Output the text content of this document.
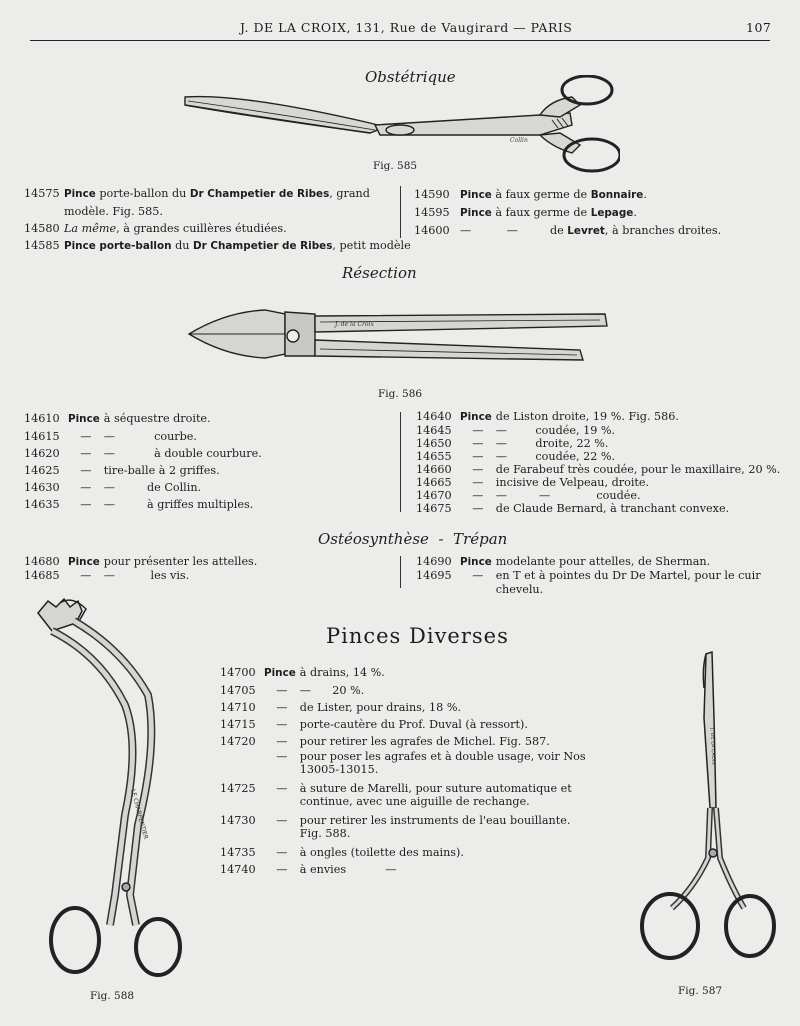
J. DE LA CROIX, 131, Rue de Vaugirard — PARIS	107
Obstétrique
Collin
Fig. 585
14575 Pince porte-ballon du Dr Champetier de Ribes, grand
modèle. Fig. 585.
14580 La même, à grandes cuillères étudiées.
14585 Pince porte-ballon du Dr Champetier de Ribes, petit modèle
14590 Pince à faux germe de Bonnaire.
14595 Pince à faux germe de Lepage.
14600 —          —         de Levret, à branches droites.
Résection
J. de la Croix
Fig. 586
14610	Pince	à séquestre droite.
14615	—	—           courbe.
14620	—	—           à double courbure.
14625	—	tire-balle à 2 griffes.
14630	—	—         de Collin.
14635	—	—         à griffes multiples.
14640	Pince	de Liston droite, 19 %. Fig. 586.
14645	—	—        coudée, 19 %.
14650	—	—        droite, 22 %.
14655	—	—        coudée, 22 %.
14660	—	de Farabeuf très coudée, pour le maxillaire, 20 %.
14665	—	incisive de Velpeau, droite.
14670	—	—         —             coudée.
14675	—	de Claude Bernard, à tranchant convexe.
Ostéosynthèse -  Trépan
14680	Pince	pour présenter les attelles.
14685	—	—          les vis.
14690	Pince	modelante pour attelles, de Sherman.
14695	—	en T et à pointes du Dr De Martel, pour le cuir
		chevelu.
Pinces Diverses
14700	Pince	à drains, 14 %.
14705	—	—      20 %.
14710	—	de Lister, pour drains, 18 %.
14715	—	porte-cautère du Prof. Duval (à ressort).
14720	—	pour retirer les agrafes de Michel. Fig. 587.
	—	pour poser les agrafes et à double usage, voir Nos
		13005-13015.
14725	—	à suture de Marelli, pour suture automatique et
		continue, avec une aiguille de rechange.
14730	—	pour retirer les instruments de l'eau bouillante.
		Fig. 588.
14735	—	à ongles (toilette des mains).
14740	—	à envies           —
LE CHARPENTIER
Fig. 588
J. DE LA CROIX
Fig. 587
